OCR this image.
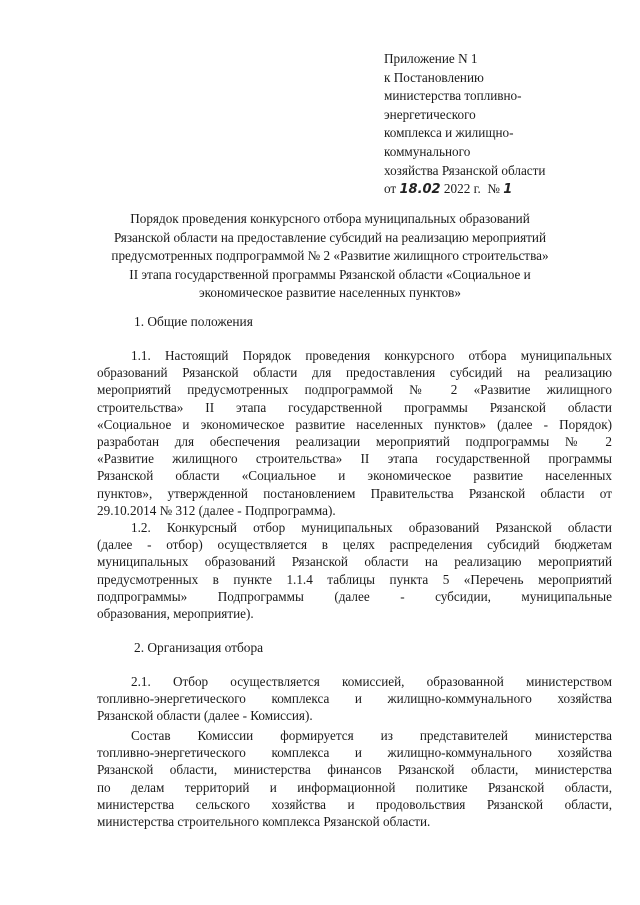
Приложение N 1
к Постановлению
министерства топливно-
энергетического
комплекса и жилищно-
коммунального
хозяйства Рязанской области
от 18.02 2022 г. № 1
Порядок проведения конкурсного отбора муниципальных образований
Рязанской области на предоставление субсидий на реализацию мероприятий
предусмотренных подпрограммой № 2 «Развитие жилищного строительства»
II этапа государственной программы Рязанской области «Социальное и
экономическое развитие населенных пунктов»
1. Общие положения
1.1. Настоящий Порядок проведения конкурсного отбора муниципальных
образований Рязанской области для предоставления субсидий на реализацию
мероприятий предусмотренных подпрограммой № 2 «Развитие жилищного
строительства» II этапа государственной программы Рязанской области
«Социальное и экономическое развитие населенных пунктов» (далее - Порядок)
разработан для обеспечения реализации мероприятий подпрограммы № 2
«Развитие жилищного строительства» II этапа государственной программы
Рязанской области «Социальное и экономическое развитие населенных
пунктов», утвержденной постановлением Правительства Рязанской области от
29.10.2014 № 312 (далее - Подпрограмма).
1.2. Конкурсный отбор муниципальных образований Рязанской области
(далее - отбор) осуществляется в целях распределения субсидий бюджетам
муниципальных образований Рязанской области на реализацию мероприятий
предусмотренных в пункте 1.1.4 таблицы пункта 5 «Перечень мероприятий
подпрограммы» Подпрограммы (далее - субсидии, муниципальные
образования, мероприятие).
2. Организация отбора
2.1. Отбор осуществляется комиссией, образованной министерством
топливно-энергетического комплекса и жилищно-коммунального хозяйства
Рязанской области (далее - Комиссия).
Состав Комиссии формируется из представителей министерства
топливно-энергетического комплекса и жилищно-коммунального хозяйства
Рязанской области, министерства финансов Рязанской области, министерства
по делам территорий и информационной политике Рязанской области,
министерства сельского хозяйства и продовольствия Рязанской области,
министерства строительного комплекса Рязанской области.
